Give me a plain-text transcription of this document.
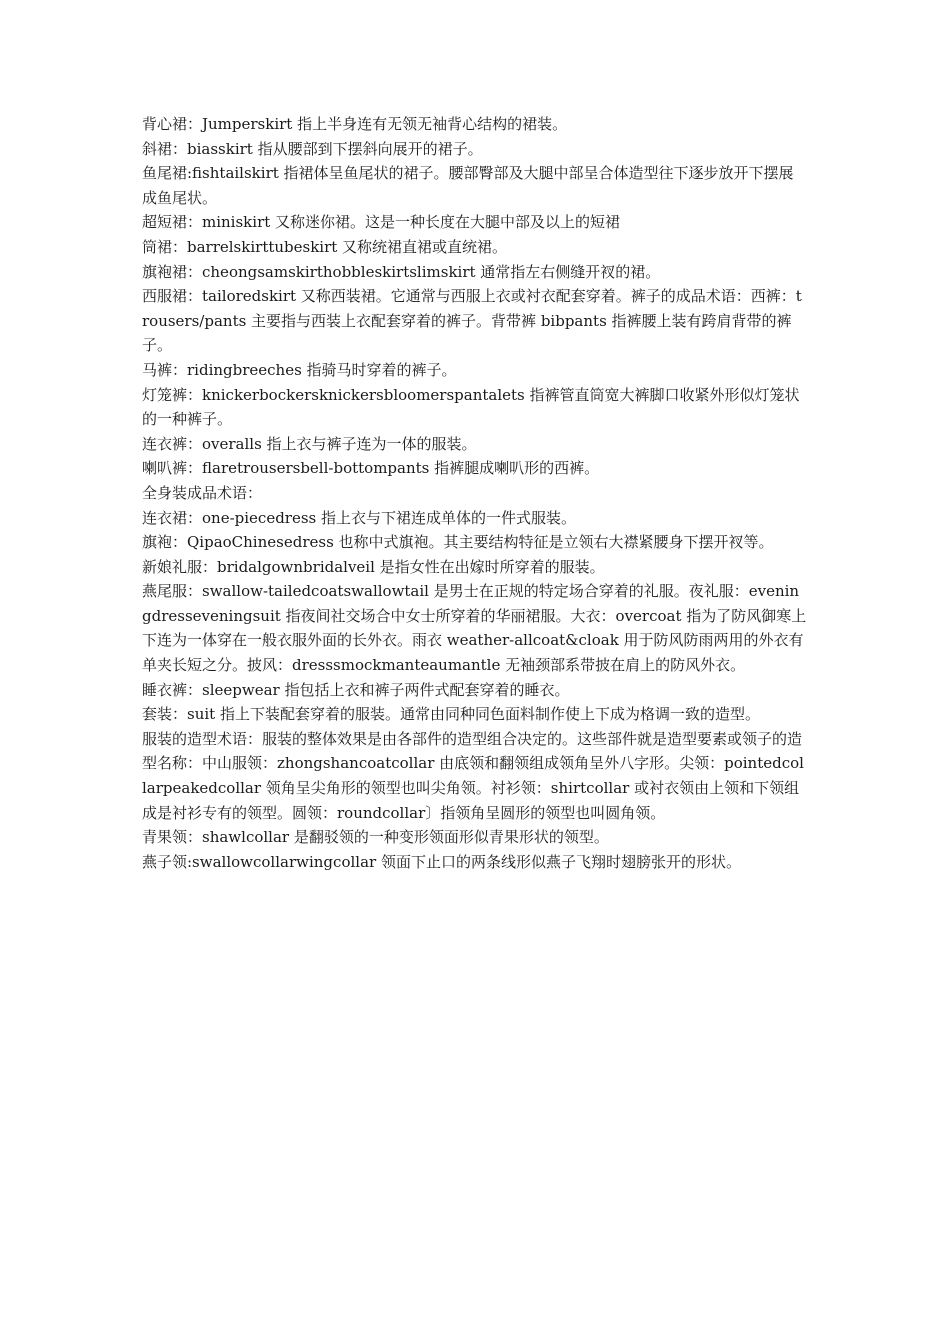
背心裙：Jumperskirt 指上半身连有无领无袖背心结构的裙装。

斜裙：biasskirt 指从腰部到下摆斜向展开的裙子。

鱼尾裙:fishtailskirt 指裙体呈鱼尾状的裙子。腰部臀部及大腿中部呈合体造型往下逐步放开下摆展成鱼尾状。

超短裙：miniskirt 又称迷你裙。这是一种长度在大腿中部及以上的短裙

筒裙：barrelskirttubeskirt 又称统裙直裙或直统裙。

旗袍裙：cheongsamskirthobbleskirtslimskirt 通常指左右侧缝开衩的裙。

西服裙：tailoredskirt 又称西装裙。它通常与西服上衣或衬衣配套穿着。裤子的成品术语：西裤：trousers/pants 主要指与西装上衣配套穿着的裤子。背带裤 bibpants 指裤腰上装有跨肩背带的裤子。

马裤：ridingbreeches 指骑马时穿着的裤子。

灯笼裤：knickerbockersknickersbloomerspantalets 指裤管直筒宽大裤脚口收紧外形似灯笼状的一种裤子。

连衣裤：overalls 指上衣与裤子连为一体的服装。

喇叭裤：flaretrousersbell-bottompants 指裤腿成喇叭形的西裤。

全身装成品术语：

连衣裙：one-piecedress 指上衣与下裙连成单体的一件式服装。

旗袍：QipaoChinesedress 也称中式旗袍。其主要结构特征是立领右大襟紧腰身下摆开衩等。

新娘礼服：bridalgownbridalveil 是指女性在出嫁时所穿着的服装。

燕尾服：swallow-tailedcoatswallowtail 是男士在正规的特定场合穿着的礼服。夜礼服：eveningdresseveningsuit 指夜间社交场合中女士所穿着的华丽裙服。大衣：overcoat 指为了防风御寒上下连为一体穿在一般衣服外面的长外衣。雨衣 weather-allcoat&cloak 用于防风防雨两用的外衣有单夹长短之分。披风：dresssmockmanteaumantle 无袖颈部系带披在肩上的防风外衣。

睡衣裤：sleepwear 指包括上衣和裤子两件式配套穿着的睡衣。

套装：suit 指上下装配套穿着的服装。通常由同种同色面料制作使上下成为格调一致的造型。

服装的造型术语：服装的整体效果是由各部件的造型组合决定的。这些部件就是造型要素或领子的造型名称：中山服领：zhongshancoatcollar 由底领和翻领组成领角呈外八字形。尖领：pointedcollarpeakedcollar 领角呈尖角形的领型也叫尖角领。衬衫领：shirtcollar 或衬衣领由上领和下领组成是衬衫专有的领型。圆领：roundcollar〕指领角呈圆形的领型也叫圆角领。

青果领：shawlcollar 是翻驳领的一种变形领面形似青果形状的领型。

燕子领:swallowcollarwingcollar 领面下止口的两条线形似燕子飞翔时翅膀张开的形状。
